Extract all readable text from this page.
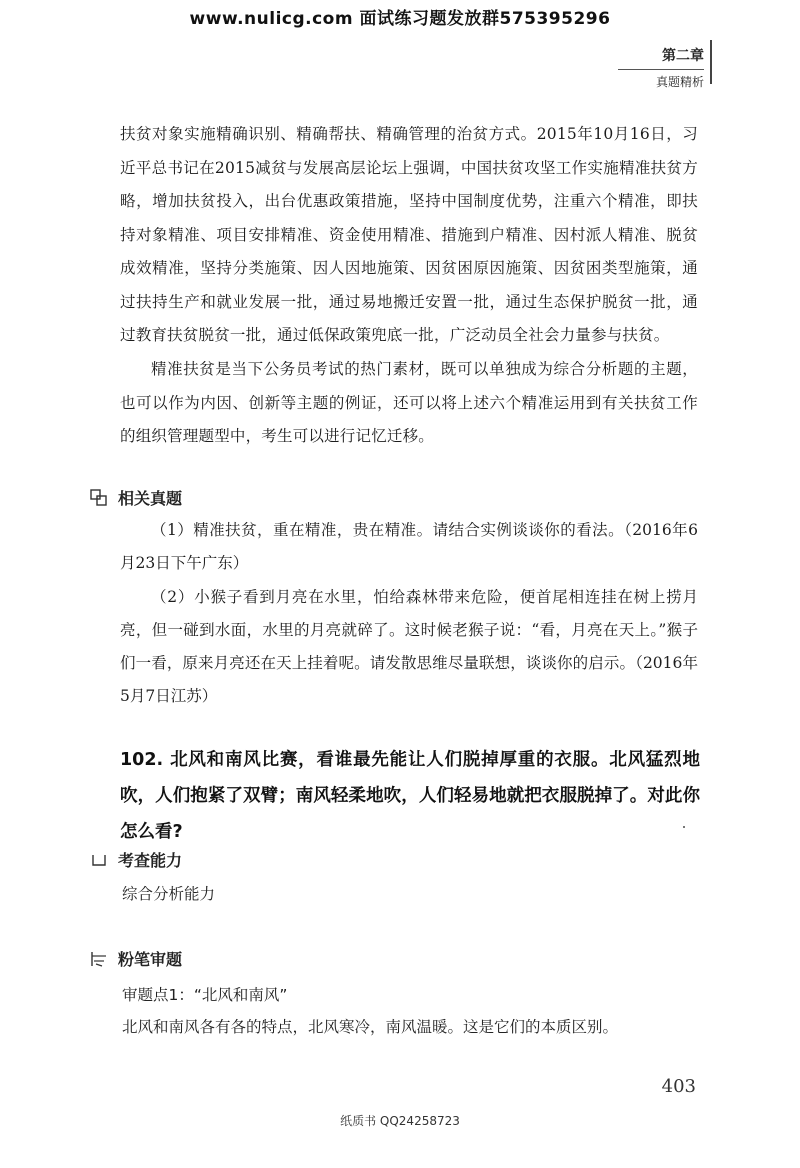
www.nulicg.com 面试练习题发放群575395296
第二章
真题精析
扶贫对象实施精确识别、精确帮扶、精确管理的治贫方式。2015年10月16日，习近平总书记在2015减贫与发展高层论坛上强调，中国扶贫攻坚工作实施精准扶贫方略，增加扶贫投入，出台优惠政策措施，坚持中国制度优势，注重六个精准，即扶持对象精准、项目安排精准、资金使用精准、措施到户精准、因村派人精准、脱贫成效精准，坚持分类施策、因人因地施策、因贫困原因施策、因贫困类型施策，通过扶持生产和就业发展一批，通过易地搬迁安置一批，通过生态保护脱贫一批，通过教育扶贫脱贫一批，通过低保政策兜底一批，广泛动员全社会力量参与扶贫。
精准扶贫是当下公务员考试的热门素材，既可以单独成为综合分析题的主题，也可以作为内因、创新等主题的例证，还可以将上述六个精准运用到有关扶贫工作的组织管理题型中，考生可以进行记忆迁移。
相关真题
（1）精准扶贫，重在精准，贵在精准。请结合实例谈谈你的看法。（2016年6月23日下午广东）
（2）小猴子看到月亮在水里，怕给森林带来危险，便首尾相连挂在树上捞月亮，但一碰到水面，水里的月亮就碎了。这时候老猴子说：“看，月亮在天上。”猴子们一看，原来月亮还在天上挂着呢。请发散思维尽量联想，谈谈你的启示。（2016年5月7日江苏）
102. 北风和南风比赛，看谁最先能让人们脱掉厚重的衣服。北风猛烈地吹，人们抱紧了双臂；南风轻柔地吹，人们轻易地就把衣服脱掉了。对此你怎么看?
考查能力
综合分析能力
粉笔审题
审题点1：“北风和南风”
北风和南风各有各的特点，北风寒冷，南风温暖。这是它们的本质区别。
403
纸质书 QQ24258723
